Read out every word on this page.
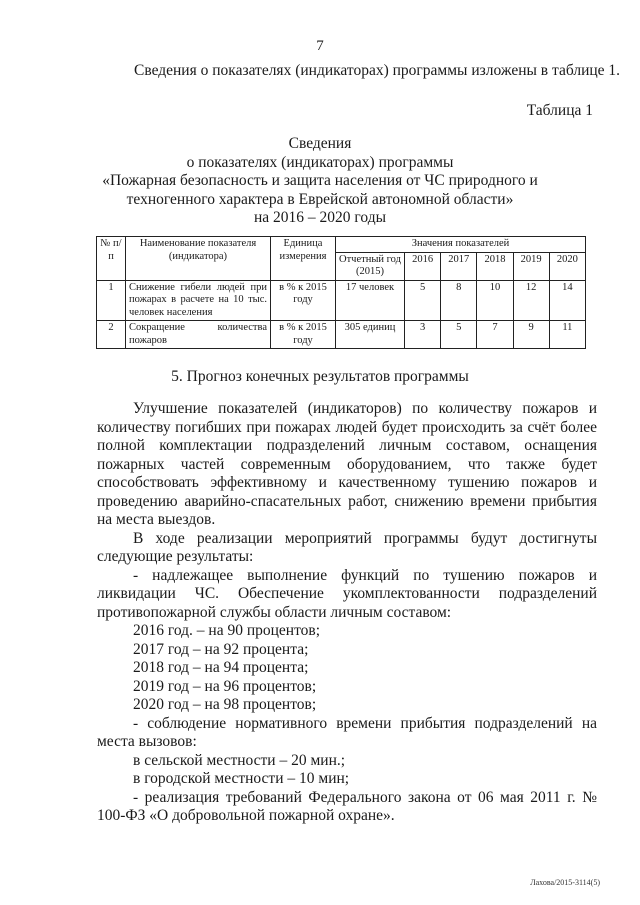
7
Сведения о показателях (индикаторах) программы изложены в таблице 1.
Таблица 1
Сведения
о показателях (индикаторах) программы
«Пожарная безопасность и защита населения от ЧС природного и
техногенного характера в Еврейской автономной области»
на 2016 – 2020 годы
№ п/п	Наименование показателя (индикатора)	Единица измерения	Значения показателей					
			Отчетный год (2015)	2016	2017	2018	2019	2020
1	Снижение гибели людей при пожарах в расчете на 10 тыс. человек населения	в % к 2015 году	17 человек	5	8	10	12	14
2	Сокращение количества пожаров	в % к 2015 году	305 единиц	3	5	7	9	11
5. Прогноз конечных результатов программы

Улучшение показателей (индикаторов) по количеству пожаров и количеству погибших при пожарах людей будет происходить за счёт более полной комплектации подразделений личным составом, оснащения пожарных частей современным оборудованием, что также будет способствовать эффективному и качественному тушению пожаров и проведению аварийно-спасательных работ, снижению времени прибытия на места выездов.

В ходе реализации мероприятий программы будут достигнуты следующие результаты:

- надлежащее выполнение функций по тушению пожаров и ликвидации ЧС. Обеспечение укомплектованности подразделений противопожарной службы области личным составом:

2016 год. – на 90 процентов;

2017 год – на 92 процента;

2018 год – на 94 процента;

2019 год – на 96 процентов;

2020 год – на 98 процентов;

- соблюдение нормативного времени прибытия подразделений на места вызовов:

в сельской местности – 20 мин.;

в городской местности – 10 мин;

- реализация требований Федерального закона от 06 мая 2011 г. № 100-ФЗ «О добровольной пожарной охране».

Лахова/2015-3114(5)
